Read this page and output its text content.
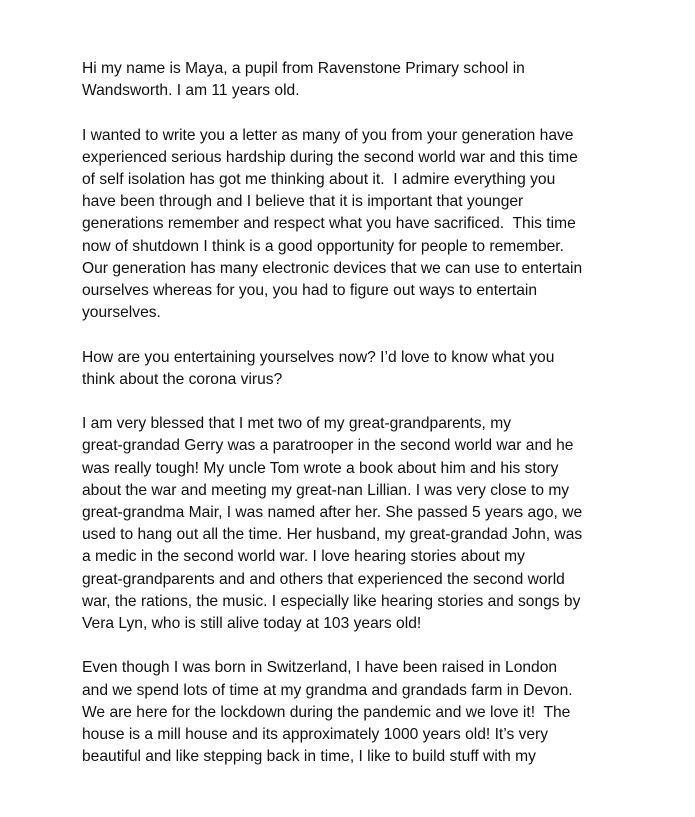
Hi my name is Maya, a pupil from Ravenstone Primary school in
Wandsworth. I am 11 years old.

I wanted to write you a letter as many of you from your generation have
experienced serious hardship during the second world war and this time
of self isolation has got me thinking about it.  I admire everything you
have been through and I believe that it is important that younger
generations remember and respect what you have sacrificed.  This time
now of shutdown I think is a good opportunity for people to remember.
Our generation has many electronic devices that we can use to entertain
ourselves whereas for you, you had to figure out ways to entertain
yourselves.

How are you entertaining yourselves now? I’d love to know what you
think about the corona virus?

I am very blessed that I met two of my great-grandparents, my
great-grandad Gerry was a paratrooper in the second world war and he
was really tough! My uncle Tom wrote a book about him and his story
about the war and meeting my great-nan Lillian. I was very close to my
great-grandma Mair, I was named after her. She passed 5 years ago, we
used to hang out all the time. Her husband, my great-grandad John, was
a medic in the second world war. I love hearing stories about my
great-grandparents and and others that experienced the second world
war, the rations, the music. I especially like hearing stories and songs by
Vera Lyn, who is still alive today at 103 years old!

Even though I was born in Switzerland, I have been raised in London
and we spend lots of time at my grandma and grandads farm in Devon.
We are here for the lockdown during the pandemic and we love it!  The
house is a mill house and its approximately 1000 years old! It’s very
beautiful and like stepping back in time, I like to build stuff with my
